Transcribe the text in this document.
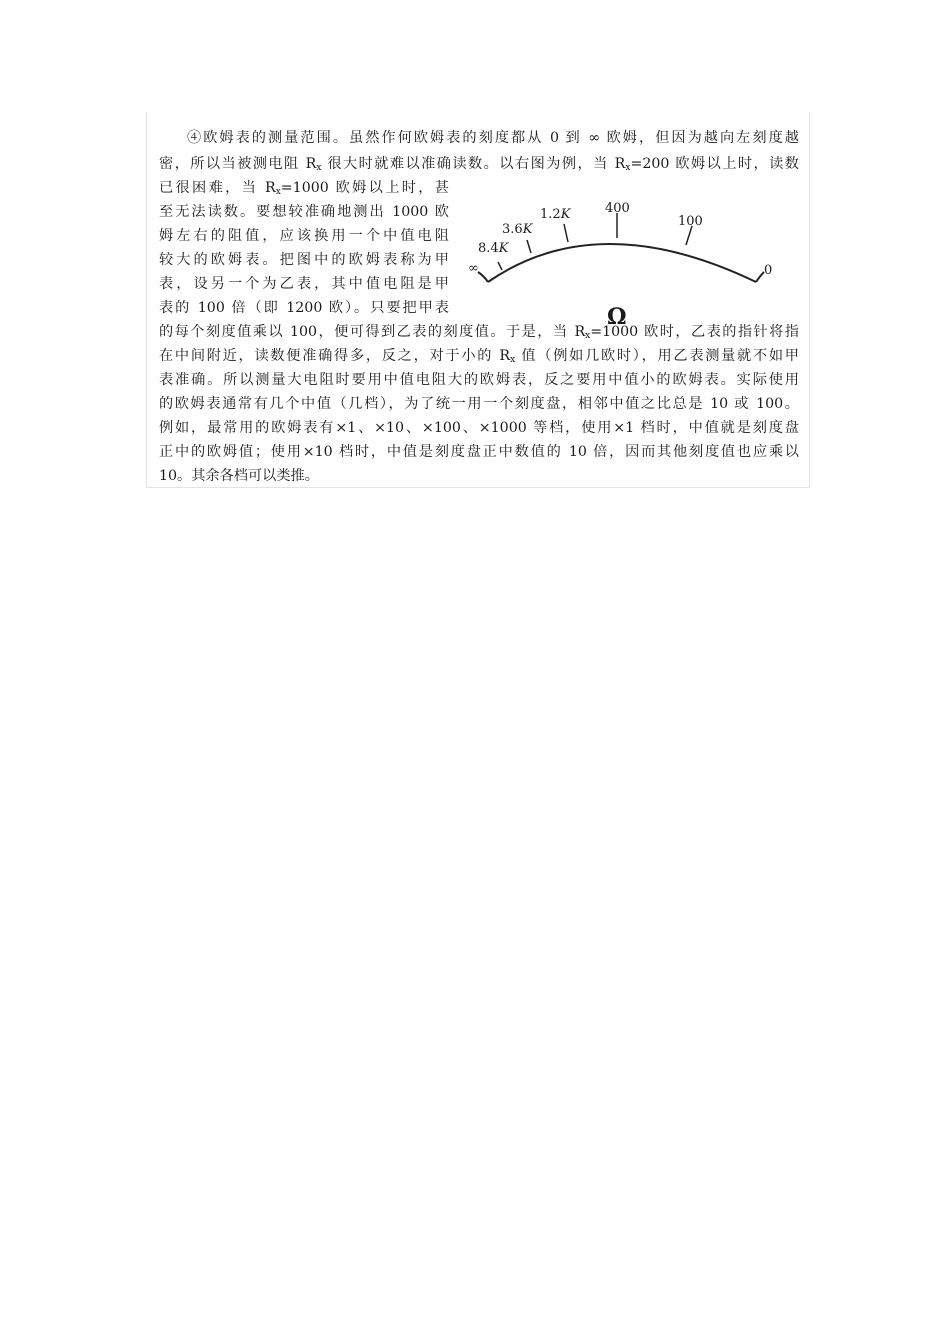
④欧姆表的测量范围。虽然作何欧姆表的刻度都从 0 到 ∞ 欧姆，但因为越向左刻度越
密，所以当被测电阻 $R_x$ 很大时就难以准确读数。以右图为例，当 $R_x=200$ 欧姆以上时，读数
已很困难，当 $R_x=1000$ 欧姆以上时，甚
至无法读数。要想较准确地测出 1000 欧
姆左右的阻值，应该换用一个中值电阻
较大的欧姆表。把图中的欧姆表称为甲
表，设另一个为乙表，其中值电阻是甲
表的 100 倍（即 1200 欧）。只要把甲表
的每个刻度值乘以 100，便可得到乙表的刻度值。于是，当 $R_x=1000$ 欧时，乙表的指针将指
在中间附近，读数便准确得多，反之，对于小的 $R_x$ 值（例如几欧时），用乙表测量就不如甲
表准确。所以测量大电阻时要用中值电阻大的欧姆表，反之要用中值小的欧姆表。实际使用
的欧姆表通常有几个中值（几档），为了统一用一个刻度盘，相邻中值之比总是 10 或 100。
例如，最常用的欧姆表有×1、×10、×100、×1000 等档，使用×1 档时，中值就是刻度盘
正中的欧姆值；使用×10 档时，中值是刻度盘正中数值的 10 倍，因而其他刻度值也应乘以
10。其余各档可以类推。
∞
8.4K
3.6K
1.2K	400
100
0
Ω
